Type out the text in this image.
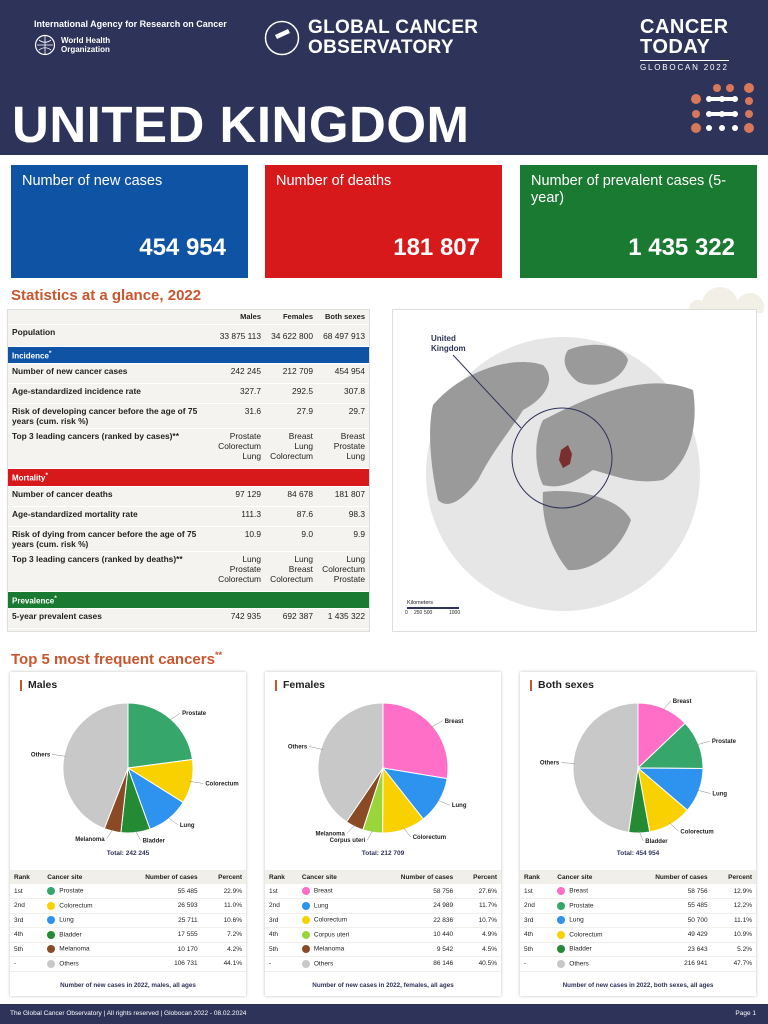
International Agency for Research on Cancer
World Health
Organization
GLOBAL CANCER
OBSERVATORY
CANCER
TODAY
GLOBOCAN 2022
UNITED KINGDOM
Number of new cases
454 954
Number of deaths
181 807
Number of prevalent cases (5-year)
1 435 322
Statistics at a glance, 2022
	Males	Females	Both sexes
Population	33 875 113	34 622 800	68 497 913
Incidence*
Number of new cancer cases	242 245	212 709	454 954
Age-standardized incidence rate	327.7	292.5	307.8
Risk of developing cancer before the age of 75 years (cum. risk %)	31.6	27.9	29.7
Top 3 leading cancers (ranked by cases)**	Prostate Colorectum Lung	Breast Lung Colorectum	Breast Prostate Lung
Mortality*
Number of cancer deaths	97 129	84 678	181 807
Age-standardized mortality rate	111.3	87.6	98.3
Risk of dying from cancer before the age of 75 years (cum. risk %)	10.9	9.0	9.9
Top 3 leading cancers (ranked by deaths)**	Lung Prostate Colorectum	Lung Breast Colorectum	Lung Colorectum Prostate
Prevalence*
5-year prevalent cases	742 935	692 387	1 435 322
United
Kingdom
Kilometers
0 250 500	1000
Top 5 most frequent cancers**
Males
Prostate
Colorectum
Lung
Bladder
Melanoma
Others
Total: 242 245
Rank	Cancer site	Number of cases	Percent
1st	Prostate	55 485	22.9%
2nd	Colorectum	26 593	11.0%
3rd	Lung	25 711	10.6%
4th	Bladder	17 555	7.2%
5th	Melanoma	10 170	4.2%
-	Others	106 731	44.1%
Number of new cases in 2022, males, all ages
Females
Breast
Lung
Colorectum
Corpus uteri
Melanoma
Others
Total: 212 709
Rank	Cancer site	Number of cases	Percent
1st	Breast	58 756	27.6%
2nd	Lung	24 989	11.7%
3rd	Colorectum	22 836	10.7%
4th	Corpus uteri	10 440	4.9%
5th	Melanoma	9 542	4.5%
-	Others	86 146	40.5%
Number of new cases in 2022, females, all ages
Both sexes
Breast
Prostate
Lung
Colorectum
Bladder
Others
Total: 454 954
Rank	Cancer site	Number of cases	Percent
1st	Breast	58 756	12.9%
2nd	Prostate	55 485	12.2%
3rd	Lung	50 700	11.1%
4th	Colorectum	49 429	10.9%
5th	Bladder	23 643	5.2%
-	Others	216 941	47.7%
Number of new cases in 2022, both sexes, all ages
The Global Cancer Observatory | All rights reserved | Globocan 2022 - 08.02.2024	Page 1
